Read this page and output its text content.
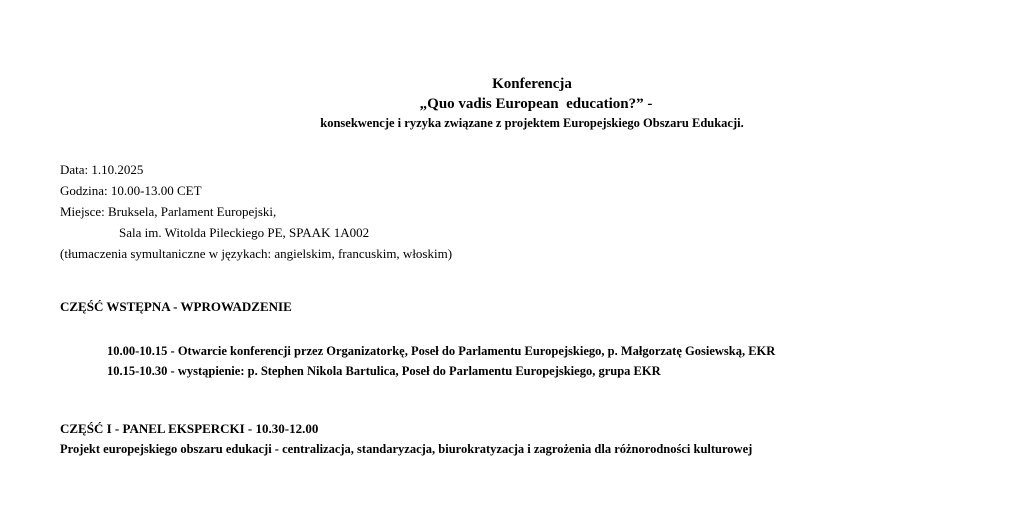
Konferencja
„Quo vadis European  education?” -
konsekwencje i ryzyka związane z projektem Europejskiego Obszaru Edukacji.
Data: 1.10.2025
Godzina: 10.00-13.00 CET
Miejsce: Bruksela, Parlament Europejski,
Sala im. Witolda Pileckiego PE, SPAAK 1A002
(tłumaczenia symultaniczne w językach: angielskim, francuskim, włoskim)
CZĘŚĆ WSTĘPNA - WPROWADZENIE
10.00-10.15 - Otwarcie konferencji przez Organizatorkę, Poseł do Parlamentu Europejskiego, p. Małgorzatę Gosiewską, EKR
10.15-10.30 - wystąpienie: p. Stephen Nikola Bartulica, Poseł do Parlamentu Europejskiego, grupa EKR
CZĘŚĆ I - PANEL EKSPERCKI - 10.30-12.00
Projekt europejskiego obszaru edukacji - centralizacja, standaryzacja, biurokratyzacja i zagrożenia dla różnorodności kulturowej
